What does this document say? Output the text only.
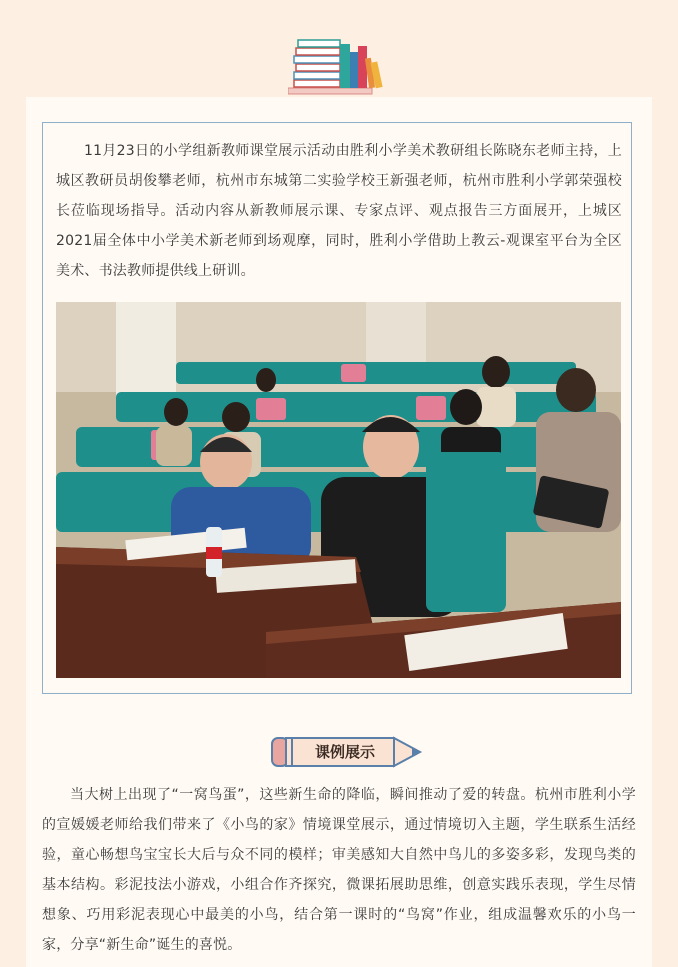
11月23日的小学组新教师课堂展示活动由胜利小学美术教研组长陈晓东老师主持，上城区教研员胡俊攀老师，杭州市东城第二实验学校王新强老师，杭州市胜利小学郭荣强校长莅临现场指导。活动内容从新教师展示课、专家点评、观点报告三方面展开，上城区2021届全体中小学美术新老师到场观摩，同时，胜利小学借助上教云-观课室平台为全区美术、书法教师提供线上研训。

课例展示

当大树上出现了“一窝鸟蛋”，这些新生命的降临，瞬间推动了爱的转盘。杭州市胜利小学的宣媛媛老师给我们带来了《小鸟的家》情境课堂展示，通过情境切入主题，学生联系生活经验，童心畅想鸟宝宝长大后与众不同的模样；审美感知大自然中鸟儿的多姿多彩，发现鸟类的基本结构。彩泥技法小游戏，小组合作齐探究，微课拓展助思维，创意实践乐表现，学生尽情想象、巧用彩泥表现心中最美的小鸟，结合第一课时的“鸟窝”作业，组成温馨欢乐的小鸟一家，分享“新生命”诞生的喜悦。
